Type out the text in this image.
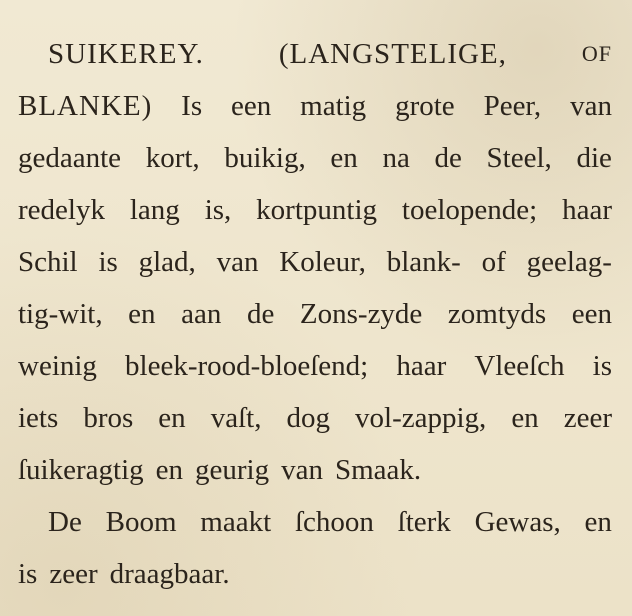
SUIKEREY.	(LANGSTELIGE,	OF
BLANKE) Is een matig grote Peer, van
gedaante kort, buikig, en na de Steel, die
redelyk lang is, kortpuntig toelopende; haar
Schil is glad, van Koleur, blank- of geelag-
tig-wit, en aan de Zons-zyde zomtyds een
weinig bleek-rood-bloeſend; haar Vleeſch is
iets bros en vaſt, dog vol-zappig, en zeer
ſuikeragtig en geurig van Smaak.
De Boom maakt ſchoon ſterk Gewas, en
is zeer draagbaar.
